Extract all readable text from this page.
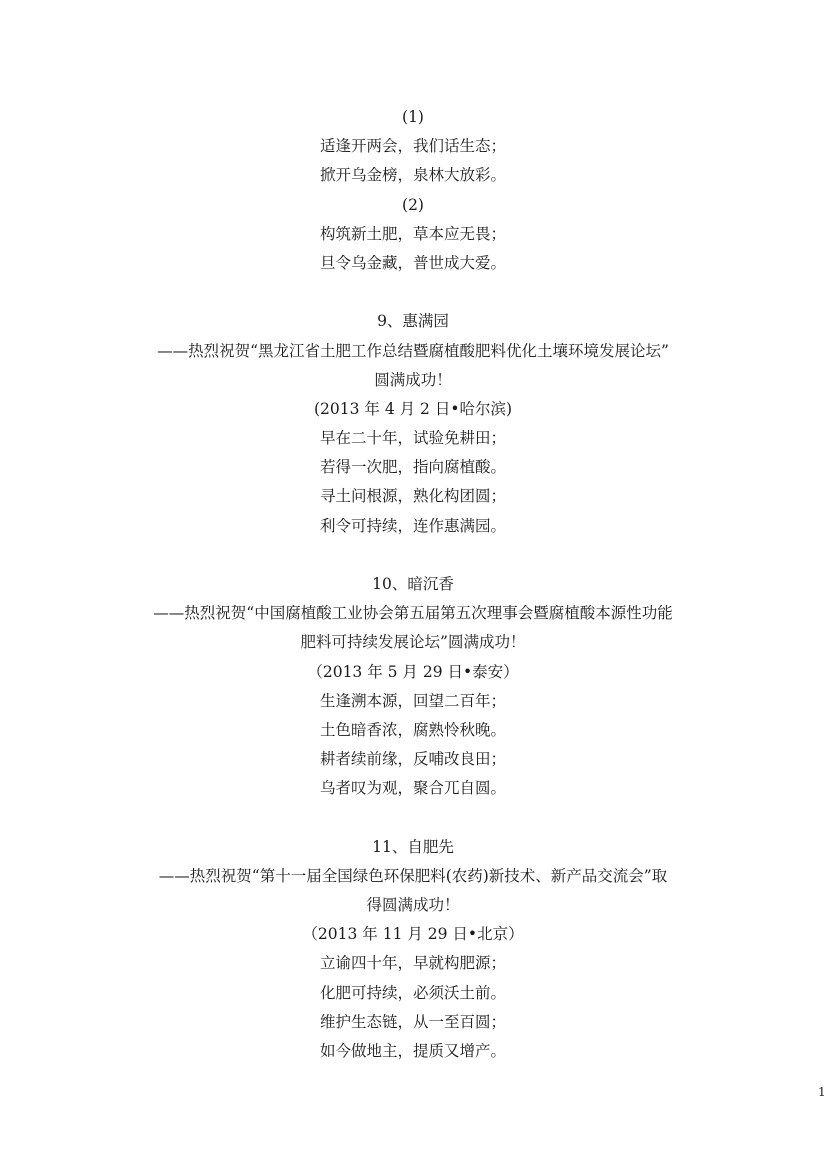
(1)
适逢开两会，我们话生态；
掀开乌金榜，泉林大放彩。
(2)
构筑新土肥，草本应无畏；
旦令乌金藏，普世成大爱。
9、惠满园
——热烈祝贺“黑龙江省土肥工作总结暨腐植酸肥料优化土壤环境发展论坛”
圆满成功！
(2013 年 4 月 2 日•哈尔滨)
早在二十年，试验免耕田；
若得一次肥，指向腐植酸。
寻土问根源，熟化构团圆；
利令可持续，连作惠满园。
10、暗沉香
——热烈祝贺“中国腐植酸工业协会第五届第五次理事会暨腐植酸本源性功能
肥料可持续发展论坛”圆满成功！
（2013 年 5 月 29 日•泰安）
生逢溯本源，回望二百年；
土色暗香浓，腐熟怜秋晚。
耕者续前缘，反哺改良田；
乌者叹为观，聚合兀自圆。
11、自肥先
——热烈祝贺“第十一届全国绿色环保肥料(农药)新技术、新产品交流会”取
得圆满成功！
（2013 年 11 月 29 日•北京）
立谕四十年，早就构肥源；
化肥可持续，必须沃土前。
维护生态链，从一至百圆；
如今做地主，提质又增产。
1
